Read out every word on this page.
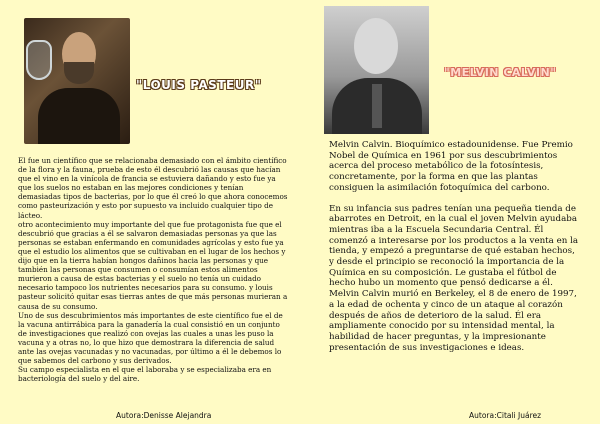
"LOUIS PASTEUR"
"MELVIN CALVIN"

El fue un científico que se relacionaba demasiado con el ámbito científico de la flora y la fauna, prueba de esto él descubrió las causas que hacían que el vino en la vinícola de francia se estuviera dañando y esto fue ya que los suelos no estaban en las mejores condiciones y tenían demasiadas tipos de bacterias, por lo que él creó lo que ahora conocemos como pasteurización y esto por supuesto va incluido cualquier tipo de lácteo.

otro acontecimiento muy importante del que fue protagonista fue que el descubrió que gracias a él se salvaron demasiadas personas ya que las personas se estaban enfermando en comunidades agrícolas y esto fue ya que el estudio los alimentos que se cultivaban en el lugar de los hechos y dijo que en la tierra habían hongos dañinos hacia las personas y que también las personas que consumen o consumían estos alimentos murieron a causa de estas bacterias y el suelo no tenía un cuidado necesario tampoco los nutrientes necesarios para su consumo. y louis pasteur solicitó quitar esas tierras antes de que más personas murieran a causa de su consumo.

Uno de sus descubrimientos más importantes de este científico fue el de la vacuna antirrábica para la ganadería la cual consistió en un conjunto de investigaciones que realizó con ovejas las cuales a unas les puso la vacuna y a otras no, lo que hizo que demostrara la diferencia de salud ante las ovejas vacunadas y no vacunadas, por último a él le debemos lo que sabemos del carbono y sus derivados.

Su campo especialista en el que el laboraba y se especializaba era en bacteriología del suelo y del aire.

Melvin Calvin. Bioquímico estadounidense. Fue Premio Nobel de Química en 1961 por sus descubrimientos acerca del proceso metabólico de la fotosíntesis, concretamente, por la forma en que las plantas consiguen la asimilación fotoquímica del carbono.

En su infancia sus padres tenían una pequeña tienda de abarrotes en Detroit, en la cual el joven Melvin ayudaba mientras iba a la Escuela Secundaria Central. Él comenzó a interesarse por los productos a la venta en la tienda, y empezó a preguntarse de qué estaban hechos, y desde el principio se reconoció la importancia de la Química en su composición. Le gustaba el fútbol de hecho hubo un momento que pensó dedicarse a él.
Melvin Calvin murió en Berkeley, el 8 de enero de 1997, a la edad de ochenta y cinco de un ataque al corazón después de años de deterioro de la salud. Él era ampliamente conocido por su intensidad mental, la habilidad de hacer preguntas, y la impresionante presentación de sus investigaciones e ideas.

Autora:Denisse Alejandra	Autora:Citali Juárez
